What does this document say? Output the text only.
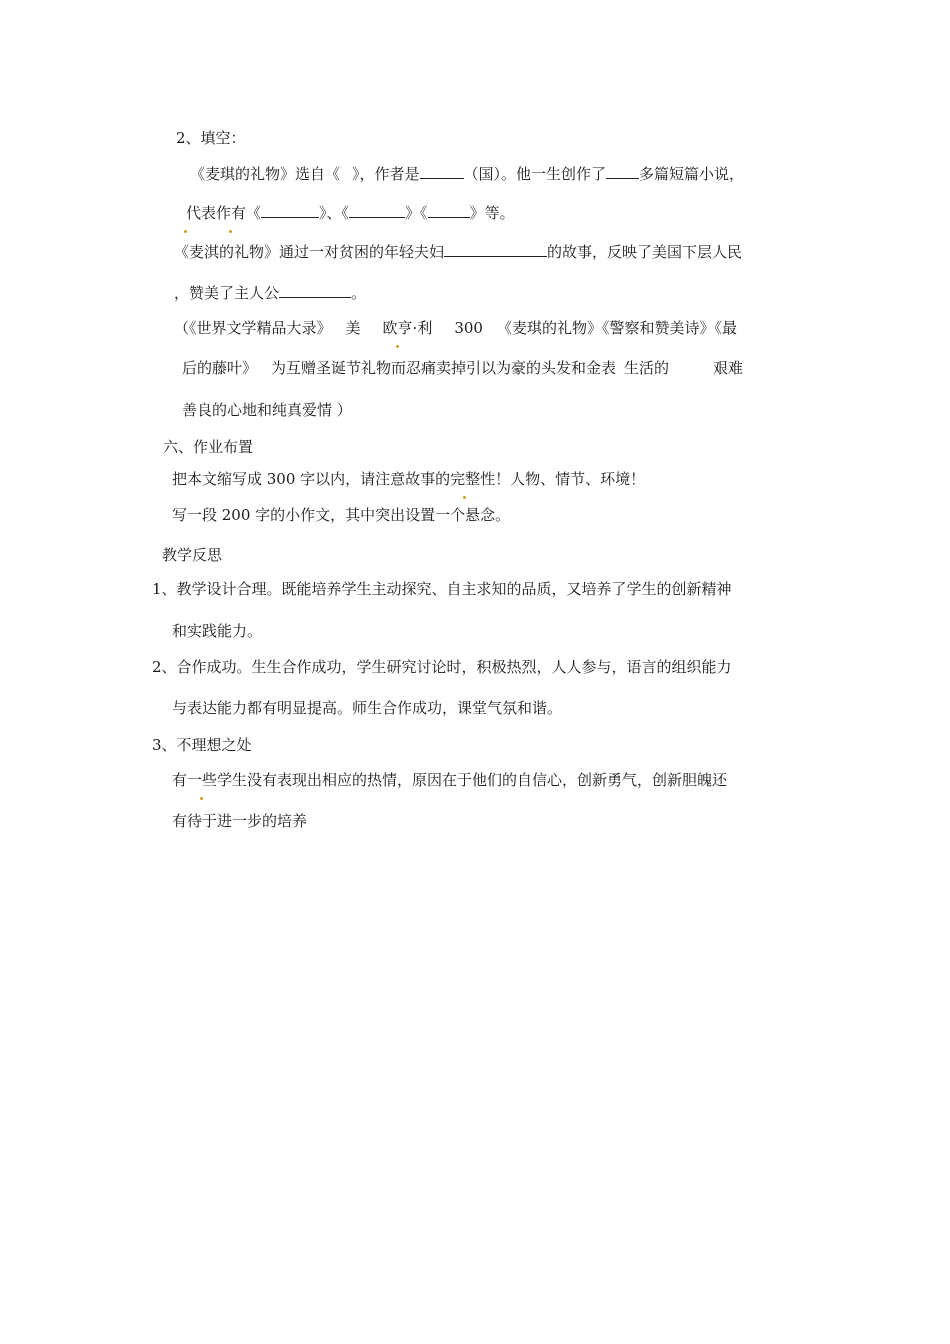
2、填空：
《麦琪的礼物》选自《 》，作者是	（国）。他一生创作了 多篇短篇小说，
代表作有《	》、《	》《	》等。
《麦淇的礼物》通过一对贫困的年轻夫妇	的故事，反映了美国下层人民
，赞美了主人公	。
（《世界文学精品大录》 美 欧亨·利 300 《麦琪的礼物》《警察和赞美诗》《最
后的藤叶》 为互赠圣诞节礼物而忍痛卖掉引以为豪的头发和金表 生活的	艰难
善良的心地和纯真爱情 ）
六、作业布置
把本文缩写成 300 字以内，请注意故事的完整性！人物、情节、环境！
写一段 200 字的小作文，其中突出设置一个悬念。
教学反思
1、教学设计合理。既能培养学生主动探究、自主求知的品质，又培养了学生的创新精神
和实践能力。
2、合作成功。生生合作成功，学生研究讨论时，积极热烈，人人参与，语言的组织能力
与表达能力都有明显提高。师生合作成功，课堂气氛和谐。
3、不理想之处
有一些学生没有表现出相应的热情，原因在于他们的自信心，创新勇气，创新胆魄还
有待于进一步的培养
